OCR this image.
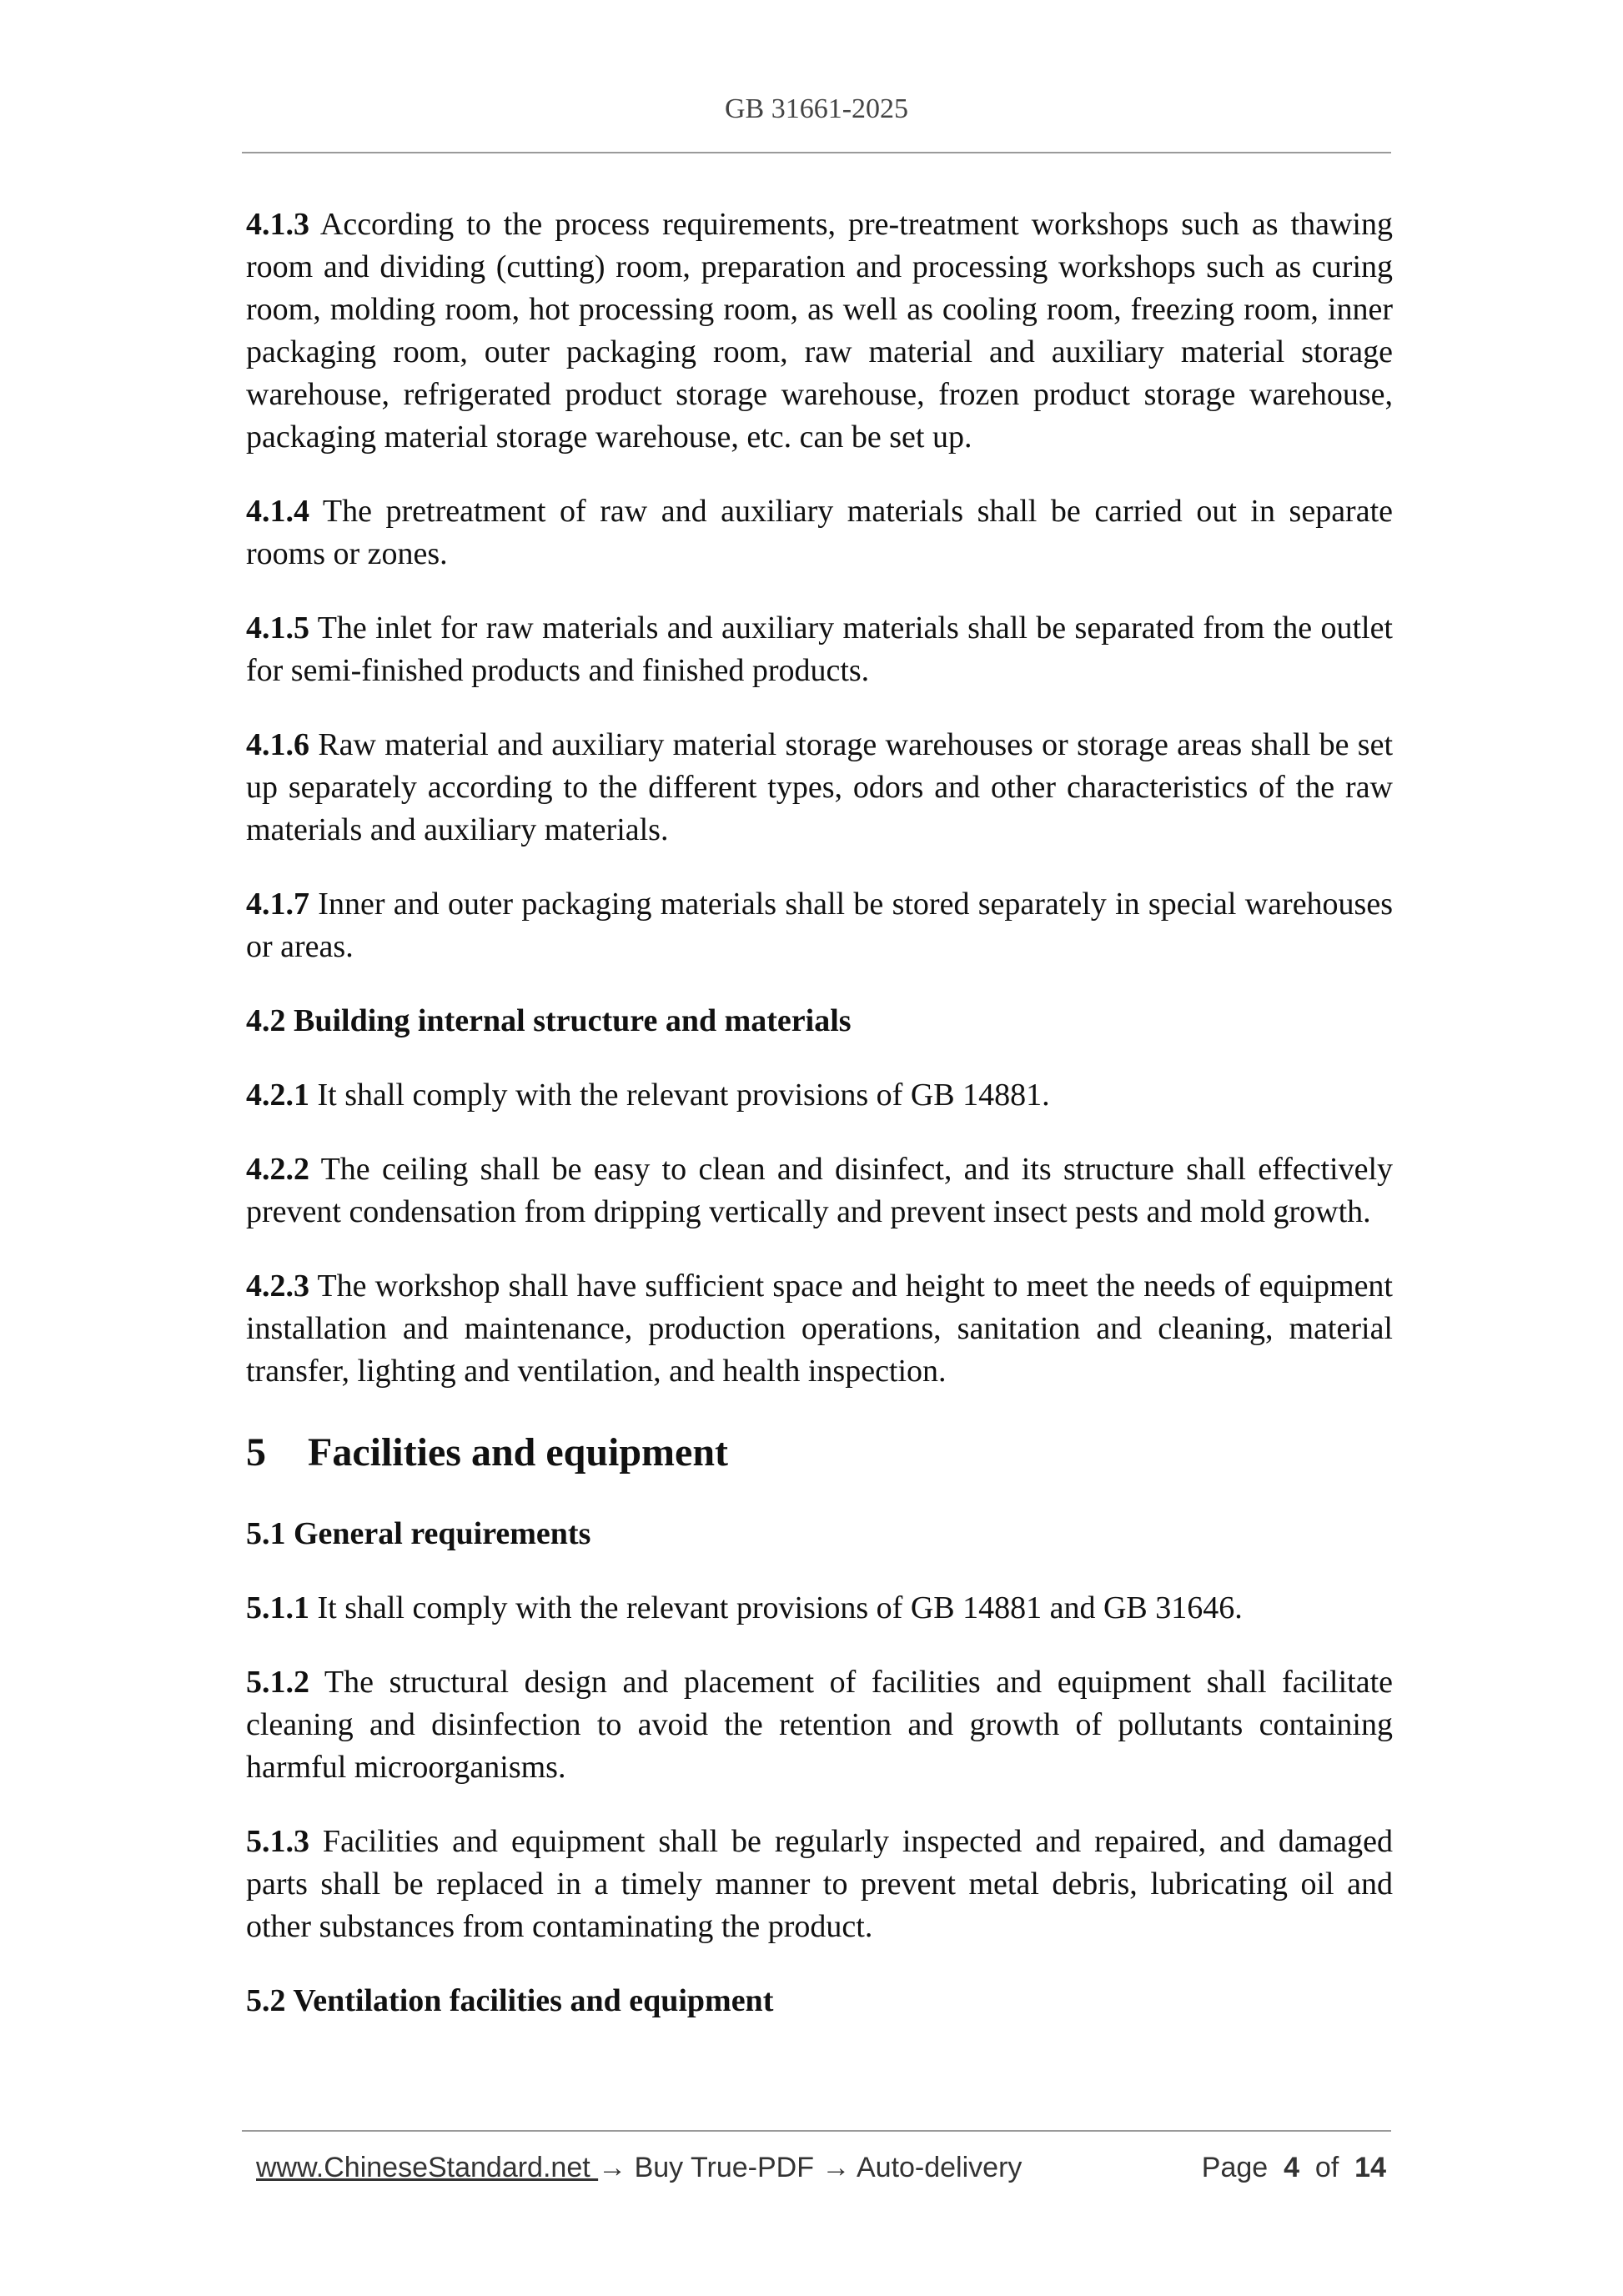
GB 31661-2025

4.1.3 According to the process requirements, pre-treatment workshops such as thawing room and dividing (cutting) room, preparation and processing workshops such as curing room, molding room, hot processing room, as well as cooling room, freezing room, inner packaging room, outer packaging room, raw material and auxiliary material storage warehouse, refrigerated product storage warehouse, frozen product storage warehouse, packaging material storage warehouse, etc. can be set up.

4.1.4 The pretreatment of raw and auxiliary materials shall be carried out in separate rooms or zones.

4.1.5 The inlet for raw materials and auxiliary materials shall be separated from the outlet for semi-finished products and finished products.

4.1.6 Raw material and auxiliary material storage warehouses or storage areas shall be set up separately according to the different types, odors and other characteristics of the raw materials and auxiliary materials.

4.1.7 Inner and outer packaging materials shall be stored separately in special warehouses or areas.

4.2 Building internal structure and materials

4.2.1 It shall comply with the relevant provisions of GB 14881.

4.2.2 The ceiling shall be easy to clean and disinfect, and its structure shall effectively prevent condensation from dripping vertically and prevent insect pests and mold growth.

4.2.3 The workshop shall have sufficient space and height to meet the needs of equipment installation and maintenance, production operations, sanitation and cleaning, material transfer, lighting and ventilation, and health inspection.

5 Facilities and equipment

5.1 General requirements

5.1.1 It shall comply with the relevant provisions of GB 14881 and GB 31646.

5.1.2 The structural design and placement of facilities and equipment shall facilitate cleaning and disinfection to avoid the retention and growth of pollutants containing harmful microorganisms.

5.1.3 Facilities and equipment shall be regularly inspected and repaired, and damaged parts shall be replaced in a timely manner to prevent metal debris, lubricating oil and other substances from contaminating the product.

5.2 Ventilation facilities and equipment

www.ChineseStandard.net → Buy True-PDF → Auto-delivery	Page 4 of 14
